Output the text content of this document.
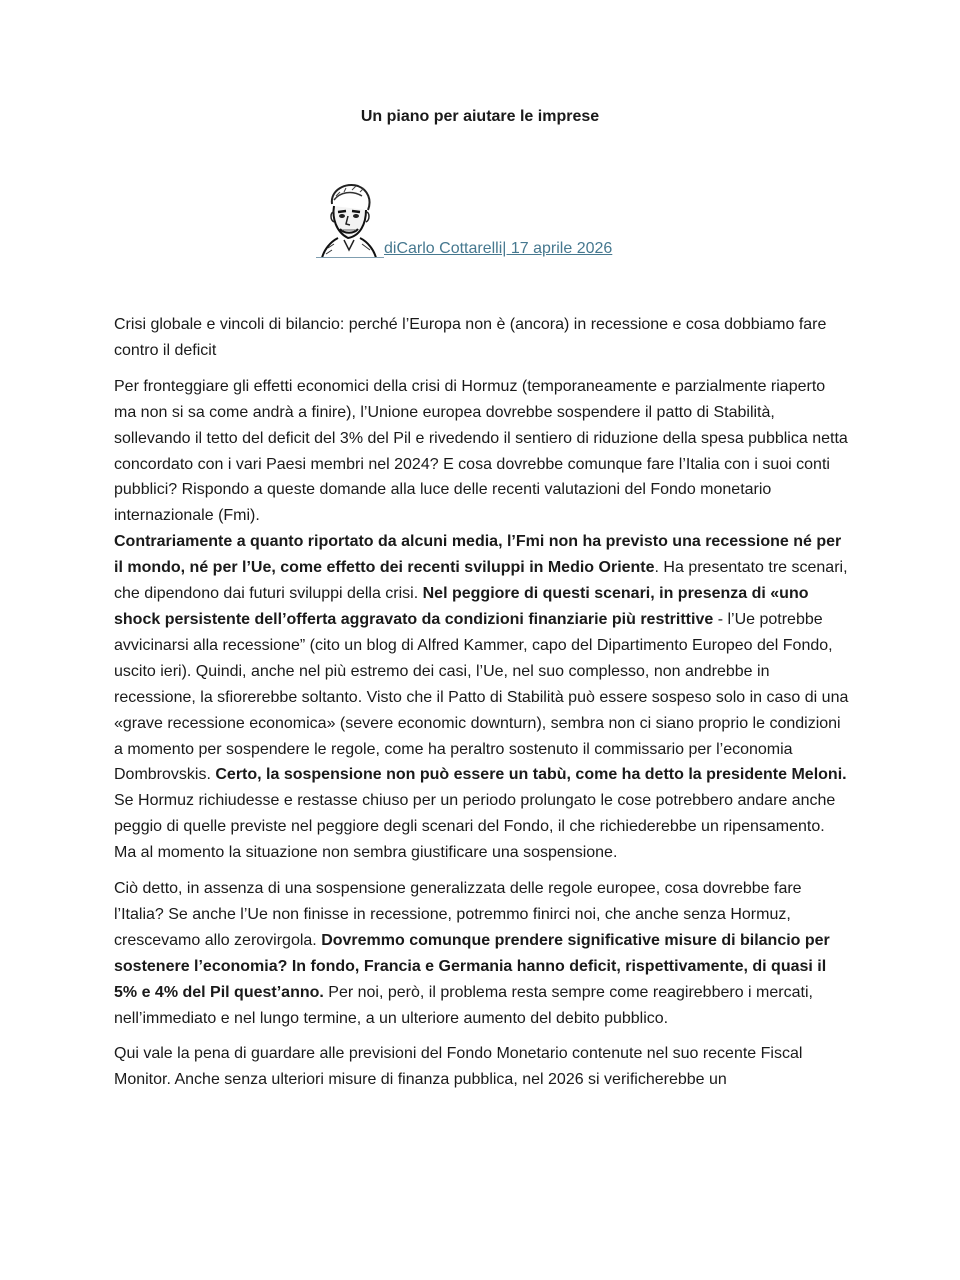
Un piano per aiutare le imprese
diCarlo Cottarelli| 17 aprile 2026

Crisi globale e vincoli di bilancio: perché l’Europa non è (ancora) in recessione e cosa dobbiamo fare contro il deficit

Per fronteggiare gli effetti economici della crisi di Hormuz (temporaneamente e parzialmente riaperto ma non si sa come andrà a finire), l’Unione europea dovrebbe sospendere il patto di Stabilità, sollevando il tetto del deficit del 3% del Pil e rivedendo il sentiero di riduzione della spesa pubblica netta concordato con i vari Paesi membri nel 2024? E cosa dovrebbe comunque fare l’Italia con i suoi conti pubblici? Rispondo a queste domande alla luce delle recenti valutazioni del Fondo monetario internazionale (Fmi).

Contrariamente a quanto riportato da alcuni media, l’Fmi non ha previsto una recessione né per il mondo, né per l’Ue, come effetto dei recenti sviluppi in Medio Oriente. Ha presentato tre scenari, che dipendono dai futuri sviluppi della crisi. Nel peggiore di questi scenari, in presenza di «uno shock persistente dell’offerta aggravato da condizioni finanziarie più restrittive - l’Ue potrebbe avvicinarsi alla recessione” (cito un blog di Alfred Kammer, capo del Dipartimento Europeo del Fondo, uscito ieri). Quindi, anche nel più estremo dei casi, l’Ue, nel suo complesso, non andrebbe in recessione, la sfiorerebbe soltanto. Visto che il Patto di Stabilità può essere sospeso solo in caso di una «grave recessione economica» (severe economic downturn), sembra non ci siano proprio le condizioni a momento per sospendere le regole, come ha peraltro sostenuto il commissario per l’economia Dombrovskis. Certo, la sospensione non può essere un tabù, come ha detto la presidente Meloni. Se Hormuz richiudesse e restasse chiuso per un periodo prolungato le cose potrebbero andare anche peggio di quelle previste nel peggiore degli scenari del Fondo, il che richiederebbe un ripensamento. Ma al momento la situazione non sembra giustificare una sospensione.

Ciò detto, in assenza di una sospensione generalizzata delle regole europee, cosa dovrebbe fare l’Italia? Se anche l’Ue non finisse in recessione, potremmo finirci noi, che anche senza Hormuz, crescevamo allo zerovirgola. Dovremmo comunque prendere significative misure di bilancio per sostenere l’economia? In fondo, Francia e Germania hanno deficit, rispettivamente, di quasi il 5% e 4% del Pil quest’anno. Per noi, però, il problema resta sempre come reagirebbero i mercati, nell’immediato e nel lungo termine, a un ulteriore aumento del debito pubblico.

Qui vale la pena di guardare alle previsioni del Fondo Monetario contenute nel suo recente Fiscal Monitor. Anche senza ulteriori misure di finanza pubblica, nel 2026 si verificherebbe un
